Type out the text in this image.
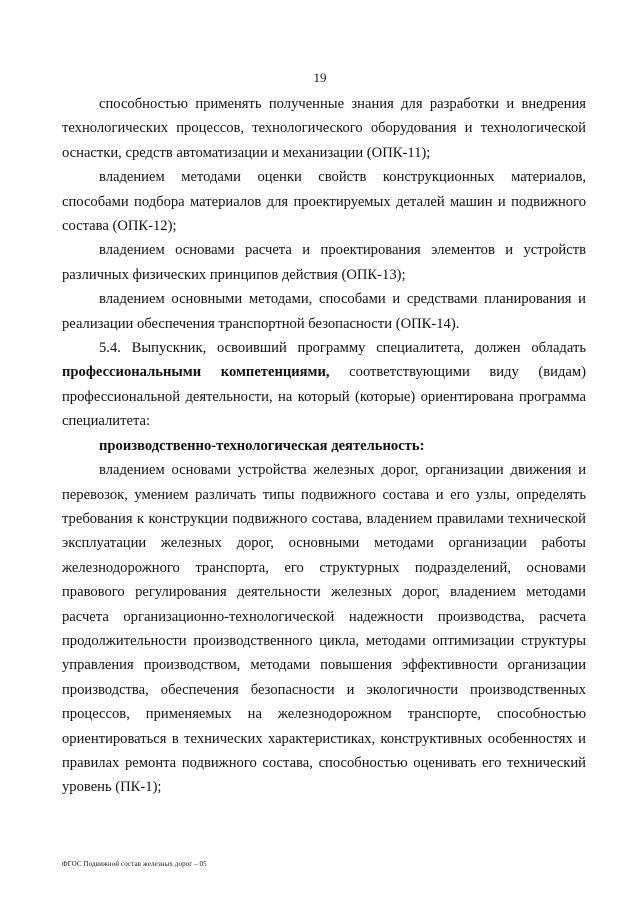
19

способностью применять полученные знания для разработки и внедрения технологических процессов, технологического оборудования и технологической оснастки, средств автоматизации и механизации (ОПК-11);

владением методами оценки свойств конструкционных материалов, способами подбора материалов для проектируемых деталей машин и подвижного состава (ОПК-12);

владением основами расчета и проектирования элементов и устройств различных физических принципов действия (ОПК-13);

владением основными методами, способами и средствами планирования и реализации обеспечения транспортной безопасности (ОПК-14).

5.4. Выпускник, освоивший программу специалитета, должен обладать профессиональными компетенциями, соответствующими виду (видам) профессиональной деятельности, на который (которые) ориентирована программа специалитета:

производственно-технологическая деятельность:

владением основами устройства железных дорог, организации движения и перевозок, умением различать типы подвижного состава и его узлы, определять требования к конструкции подвижного состава, владением правилами технической эксплуатации железных дорог, основными методами организации работы железнодорожного транспорта, его структурных подразделений, основами правового регулирования деятельности железных дорог, владением методами расчета организационно-технологической надежности производства, расчета продолжительности производственного цикла, методами оптимизации структуры управления производством, методами повышения эффективности организации производства, обеспечения безопасности и экологичности производственных процессов, применяемых на железнодорожном транспорте, способностью ориентироваться в технических характеристиках, конструктивных особенностях и правилах ремонта подвижного состава, способностью оценивать его технический уровень (ПК-1);

ФГОС Подвижной состав железных дорог – 05
